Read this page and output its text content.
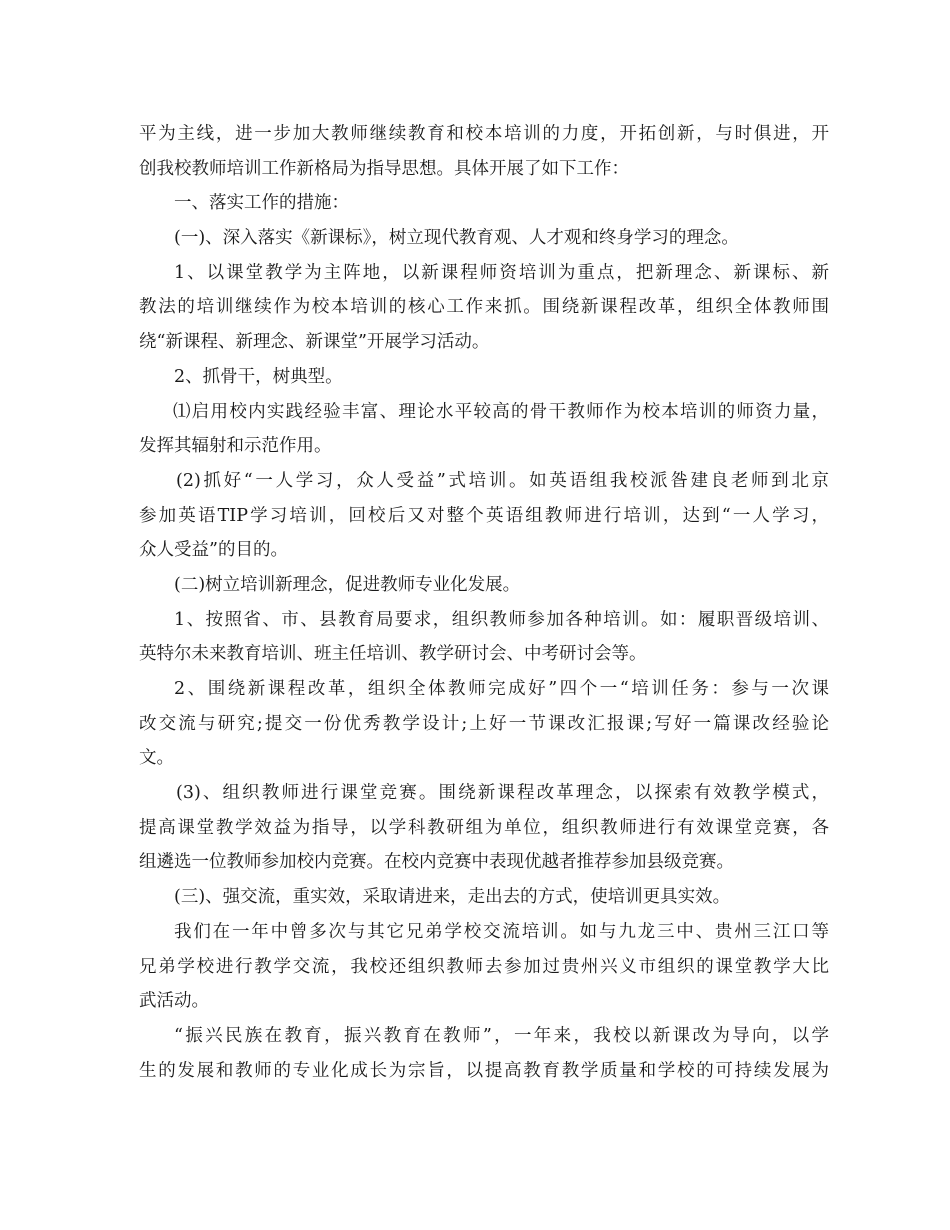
平为主线，进一步加大教师继续教育和校本培训的力度，开拓创新，与时俱进，开
创我校教师培训工作新格局为指导思想。具体开展了如下工作：
一、落实工作的措施：
(一)、深入落实《新课标》，树立现代教育观、人才观和终身学习的理念。
1、以课堂教学为主阵地，以新课程师资培训为重点，把新理念、新课标、新
教法的培训继续作为校本培训的核心工作来抓。围绕新课程改革，组织全体教师围
绕“新课程、新理念、新课堂”开展学习活动。
2、抓骨干，树典型。
⑴启用校内实践经验丰富、理论水平较高的骨干教师作为校本培训的师资力量，
发挥其辐射和示范作用。
(2)抓好“一人学习，众人受益”式培训。如英语组我校派昝建良老师到北京
参加英语TIP学习培训，回校后又对整个英语组教师进行培训，达到“一人学习，
众人受益”的目的。
(二)树立培训新理念，促进教师专业化发展。
1、按照省、市、县教育局要求，组织教师参加各种培训。如：履职晋级培训、
英特尔未来教育培训、班主任培训、教学研讨会、中考研讨会等。
2、围绕新课程改革，组织全体教师完成好”四个一“培训任务：参与一次课
改交流与研究;提交一份优秀教学设计;上好一节课改汇报课;写好一篇课改经验论
文。
(3)、组织教师进行课堂竞赛。围绕新课程改革理念，以探索有效教学模式，
提高课堂教学效益为指导，以学科教研组为单位，组织教师进行有效课堂竞赛，各
组遴选一位教师参加校内竞赛。在校内竞赛中表现优越者推荐参加县级竞赛。
(三)、强交流，重实效，采取请进来，走出去的方式，使培训更具实效。
我们在一年中曾多次与其它兄弟学校交流培训。如与九龙三中、贵州三江口等
兄弟学校进行教学交流，我校还组织教师去参加过贵州兴义市组织的课堂教学大比
武活动。
“振兴民族在教育，振兴教育在教师”，一年来，我校以新课改为导向，以学
生的发展和教师的专业化成长为宗旨，以提高教育教学质量和学校的可持续发展为
